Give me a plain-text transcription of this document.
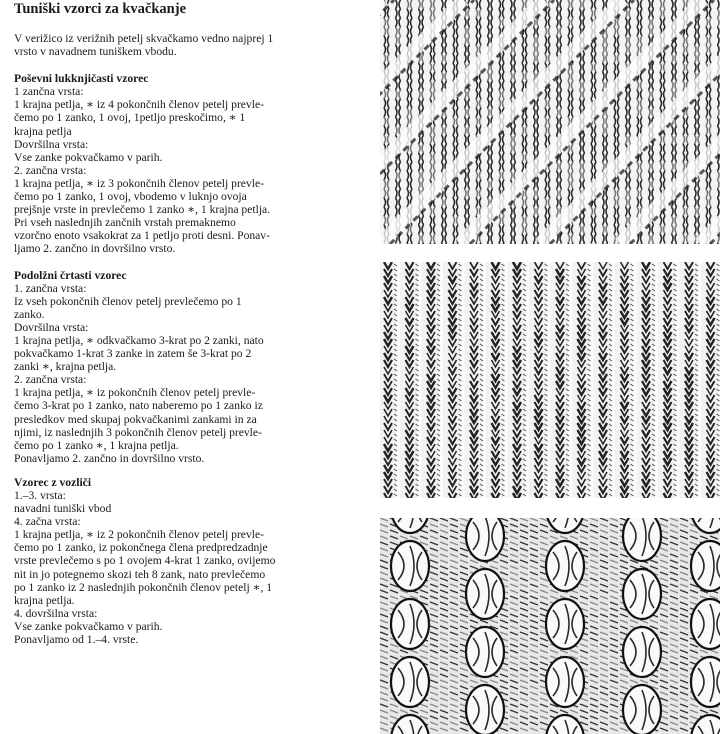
Tuniški vzorci za kvačkanje
V verižico iz verižnih petelj skvačkamo vedno najprej 1
vrsto v navadnem tuniškem vbodu.
Poševni lukknjičasti vzorec
1 zančna vrsta:
1 krajna petlja, ∗ iz 4 pokončnih členov petelj prevle-
čemo po 1 zanko, 1 ovoj, 1petljo preskočimo, ∗ 1
krajna petlja
Dovršilna vrsta:
Vse zanke pokvačkamo v parih.
2. zančna vrsta:
1 krajna petlja, ∗ iz 3 pokončnih členov petelj prevle-
čemo po 1 zanko, 1 ovoj, vbodemo v luknjo ovoja
prejšnje vrste in prevlečemo 1 zanko ∗, 1 krajna petlja.
Pri vseh naslednjih zančnih vrstah premaknemo
vzorčno enoto vsakokrat za 1 petljo proti desni. Ponav-
ljamo 2. zančno in dovršilno vrsto.
Podolžni črtasti vzorec
1. zančna vrsta:
Iz vseh pokončnih členov petelj prevlečemo po 1
zanko.
Dovršilna vrsta:
1 krajna petlja, ∗ odkvačkamo 3-krat po 2 zanki, nato
pokvačkamo 1-krat 3 zanke in zatem še 3-krat po 2
zanki ∗, krajna petlja.
2. zančna vrsta:
1 krajna petlja, ∗ iz pokončnih členov petelj prevle-
čemo 3-krat po 1 zanko, nato naberemo po 1 zanko iz
presledkov med skupaj pokvačkanimi zankami in za
njimi, iz naslednjih 3 pokončnih členov petelj prevle-
čemo po 1 zanko ∗, 1 krajna petlja.
Ponavljamo 2. zančno in dovršilno vrsto.
Vzorec z vozliči
1.–3. vrsta:
navadni tuniški vbod
4. začna vrsta:
1 krajna petlja, ∗ iz 2 pokončnih členov petelj prevle-
čemo po 1 zanko, iz pokončnega člena predpredzadnje
vrste prevlečemo s po 1 ovojem 4-krat 1 zanko, ovijemo
nit in jo potegnemo skozi teh 8 zank, nato prevlečemo
po 1 zanko iz 2 naslednjih pokončnih členov petelj ∗, 1
krajna petlja.
4. dovršilna vrsta:
Vse zanke pokvačkamo v parih.
Ponavljamo od 1.–4. vrste.
